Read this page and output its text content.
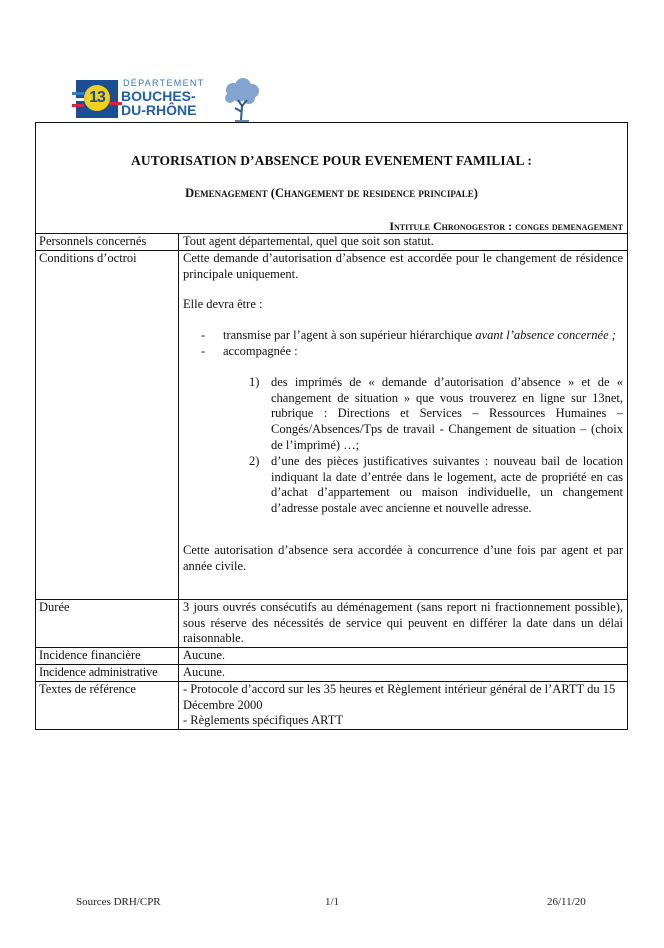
13
DÉPARTEMENT
BOUCHES-
DU-RHÔNE
AUTORISATION D’ABSENCE POUR EVENEMENT FAMILIAL :
Demenagement (Changement de residence principale)
Intitule Chronogestor : conges demenagement
Personnels concernés	Tout agent départemental, quel que soit son statut.
Conditions d’octroi	Cette demande d’autorisation d’absence est accordée pour le changement de résidence principale uniquement.

Elle devra être :

- transmise par l’agent à son supérieur hiérarchique avant l’absence concernée ;
- accompagnée :
1) des imprimés de « demande d’autorisation d’absence » et de « changement de situation » que vous trouverez en ligne sur 13net, rubrique : Directions et Services – Ressources Humaines – Congés/Absences/Tps de travail - Changement de situation – (choix de l’imprimé) …;
2) d’une des pièces justificatives suivantes : nouveau bail de location indiquant la date d’entrée dans le logement, acte de propriété en cas d’achat d’appartement ou maison individuelle, un changement d’adresse postale avec ancienne et nouvelle adresse.

Cette autorisation d’absence sera accordée à concurrence d’une fois par agent et par année civile.

Durée	3 jours ouvrés consécutifs au déménagement (sans report ni fractionnement possible), sous réserve des nécessités de service qui peuvent en différer la date dans un délai raisonnable.
Incidence financière	Aucune.
Incidence administrative	Aucune.
Textes de référence	- Protocole d’accord sur les 35 heures et Règlement intérieur général de l’ARTT du 15 Décembre 2000

- Règlements spécifiques ARTT

Sources DRH/CPR	1/1	26/11/20
